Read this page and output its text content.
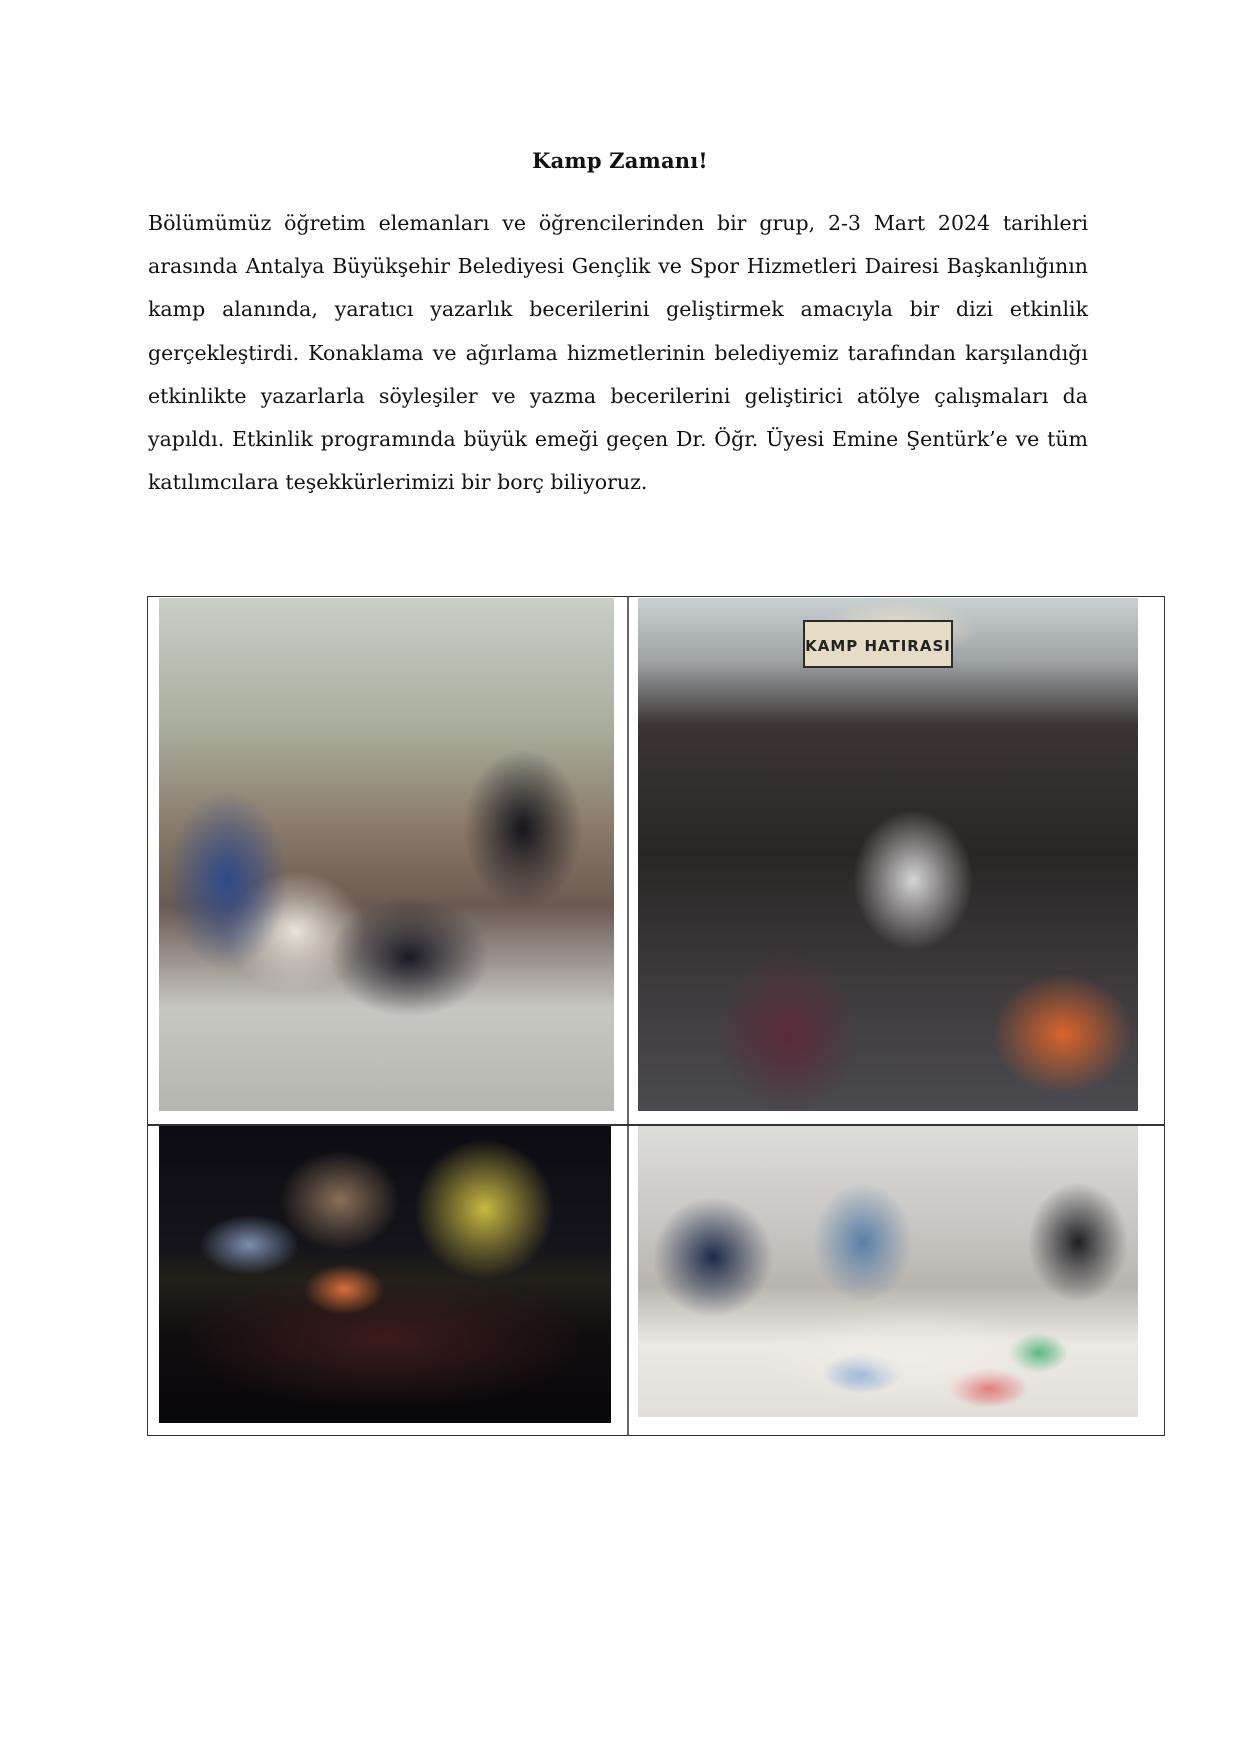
Kamp Zamanı!
Bölümümüz öğretim elemanları ve öğrencilerinden bir grup, 2-3 Mart 2024 tarihleri arasında Antalya Büyükşehir Belediyesi Gençlik ve Spor Hizmetleri Dairesi Başkanlığının kamp alanında, yaratıcı yazarlık becerilerini geliştirmek amacıyla bir dizi etkinlik gerçekleştirdi. Konaklama ve ağırlama hizmetlerinin belediyemiz tarafından karşılandığı etkinlikte yazarlarla söyleşiler ve yazma becerilerini geliştirici atölye çalışmaları da yapıldı. Etkinlik programında büyük emeği geçen Dr. Öğr. Üyesi Emine Şentürk’e ve tüm katılımcılara teşekkürlerimizi bir borç biliyoruz.
KAMP HATIRASI
